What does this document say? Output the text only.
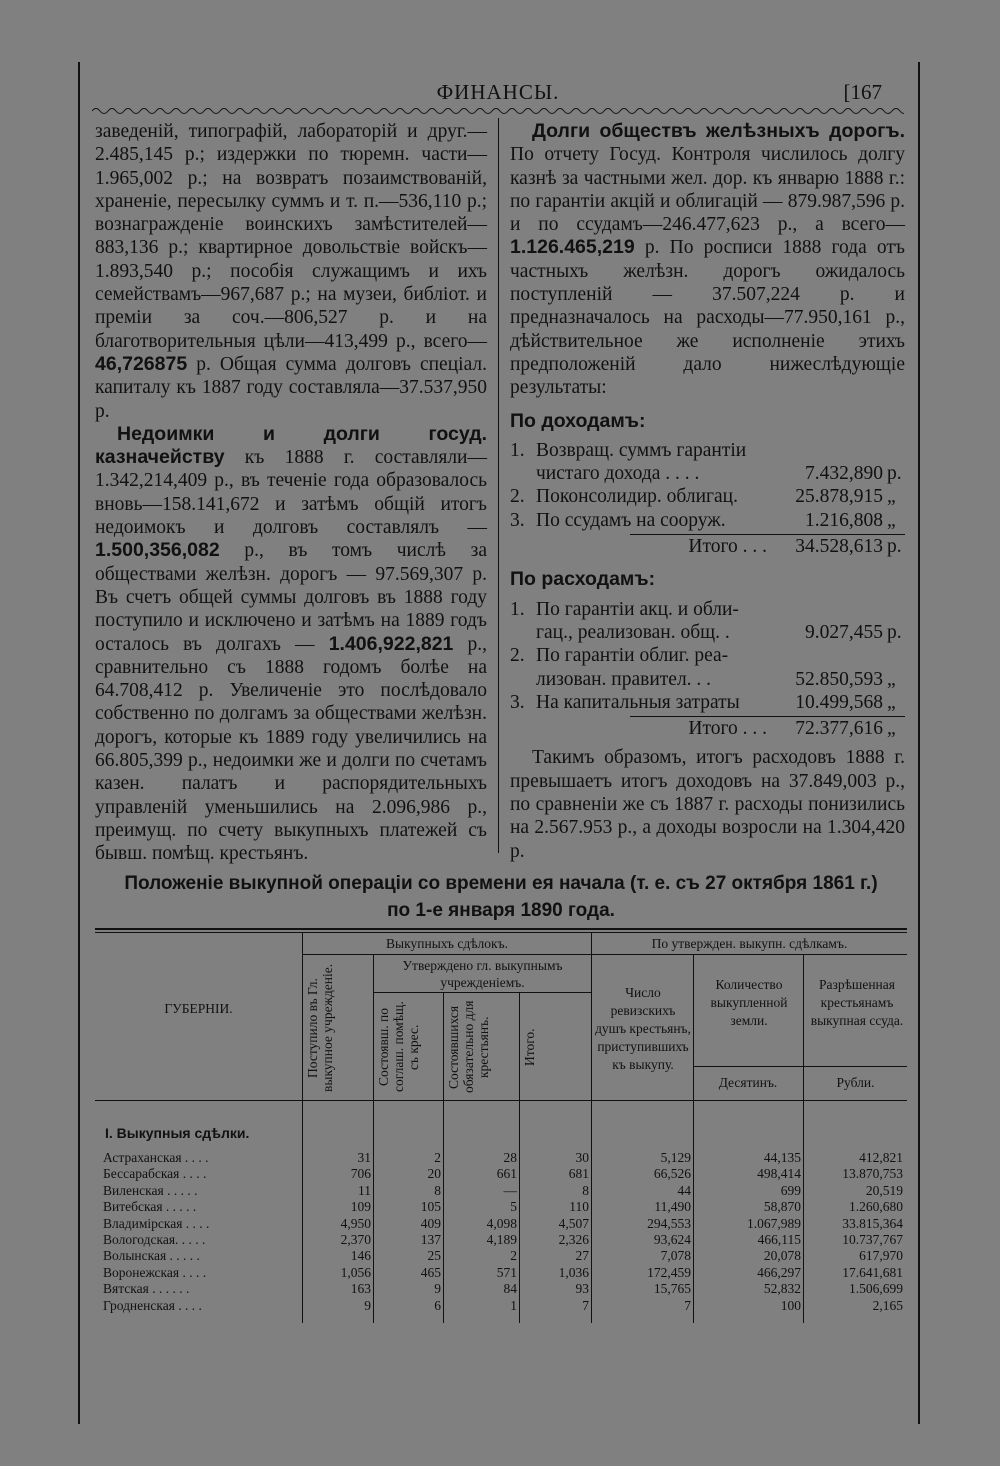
ФИНАНСЫ.	[167

заведеній, типографій, лабораторій и друг.—2.485,145 р.; издержки по тюремн. части—1.965,002 р.; на возвратъ позаимствованій, храненіе, пересылку суммъ и т. п.—536,110 р.; вознагражденіе воинскихъ замѣстителей—883,136 р.; квартирное довольствіе войскъ—1.893,540 р.; пособія служащимъ и ихъ семействамъ—967,687 р.; на музеи, библіот. и преміи за соч.—806,527 р. и на благотворительныя цѣли—413,499 р., всего—46,726875 р. Общая сумма долговъ спеціал. капиталу къ 1887 году составляла—37.537,950 р.

Недоимки и долги госуд. казначейству къ 1888 г. составляли—1.342,214,409 р., въ теченіе года образовалось вновь—158.141,672 и затѣмъ общій итогъ недоимокъ и долговъ составлялъ — 1.500,356,082 р., въ томъ числѣ за обществами желѣзн. дорогъ — 97.569,307 р. Въ счетъ общей суммы долговъ въ 1888 году поступило и исключено и затѣмъ на 1889 годъ осталось въ долгахъ — 1.406,922,821 р., сравнительно съ 1888 годомъ болѣе на 64.708,412 р. Увеличеніе это послѣдовало собственно по долгамъ за обществами желѣзн. дорогъ, которые къ 1889 году увеличились на 66.805,399 р., недоимки же и долги по счетамъ казен. палатъ и распорядительныхъ управленій уменьшились на 2.096,986 р., преимущ. по счету выкупныхъ платежей съ бывш. помѣщ. крестьянъ.

Долги обществъ желѣзныхъ дорогъ. По отчету Госуд. Контроля числилось долгу казнѣ за частными жел. дор. къ январю 1888 г.: по гарантіи акцій и облигацій — 879.987,596 р. и по ссудамъ—246.477,623 р., а всего—1.126.465,219 р. По росписи 1888 года отъ частныхъ желѣзн. дорогъ ожидалось поступленій — 37.507,224 р. и предназначалось на расходы—77.950,161 р., дѣйствительное же исполненіе этихъ предположеній дало нижеслѣдующіе результаты:

По доходамъ:

1. Возвращ. суммъ гарантіи
чистаго дохода . . . .	7.432,890 р.
2. Поконсолидир. облигац.	25.878,915 „
3. По ссудамъ на сооруж.	1.216,808 „
Итого . . .	34.528,613 р.

По расходамъ:

1. По гарантіи акц. и обли-
гац., реализован. общ. .	9.027,455 р.
2. По гарантіи облиг. реа-
лизован. правител. . .	52.850,593 „
3. На капитальныя затраты	10.499,568 „
Итого . . .	72.377,616 „

Такимъ образомъ, итогъ расходовъ 1888 г. превышаетъ итогъ доходовъ на 37.849,003 р., по сравненіи же съ 1887 г. расходы понизились на 2.567.953 р., а доходы возросли на 1.304,420 р.

Положеніе выкупной операціи со времени ея начала (т. е. съ 27 октября 1861 г.)
по 1-е января 1890 года.
ГУБЕРНІИ.
Выкупныхъ сдѣлокъ.	По утвержден. выкупн. сдѣлкамъ.
Поступило въ Гл. выкупное учрежденіе.	Утверждено гл. выкупнымъ учрежденіемъ.
Состоявш. по соглаш. помѣщ. съ крес.	Состоявшихся обязательно для крестьянъ.	Итого.
Число ревизскихъ душъ крестьянъ, приступившихъ къ выкупу.
Количество выкупленной земли.
Разрѣшенная крестьянамъ выкупная ссуда.
Десятинъ.	Рубли.
I. Выкупныя сдѣлки.
Астраханская . . . .	31	2	28	30	5,129	44,135	412,821
Бессарабская . . . .	706	20	661	681	66,526	498,414	13.870,753
Виленская . . . . .	11	8	—	8	44	699	20,519
Витебская . . . . .	109	105	5	110	11,490	58,870	1.260,680
Владимірская . . . .	4,950	409	4,098	4,507	294,553	1.067,989	33.815,364
Вологодская. . . . .	2,370	137	4,189	2,326	93,624	466,115	10.737,767
Волынская . . . . .	146	25	2	27	7,078	20,078	617,970
Воронежская . . . .	1,056	465	571	1,036	172,459	466,297	17.641,681
Вятская . . . . . .	163	9	84	93	15,765	52,832	1.506,699
Гродненская . . . .	9	6	1	7	7	100	2,165
